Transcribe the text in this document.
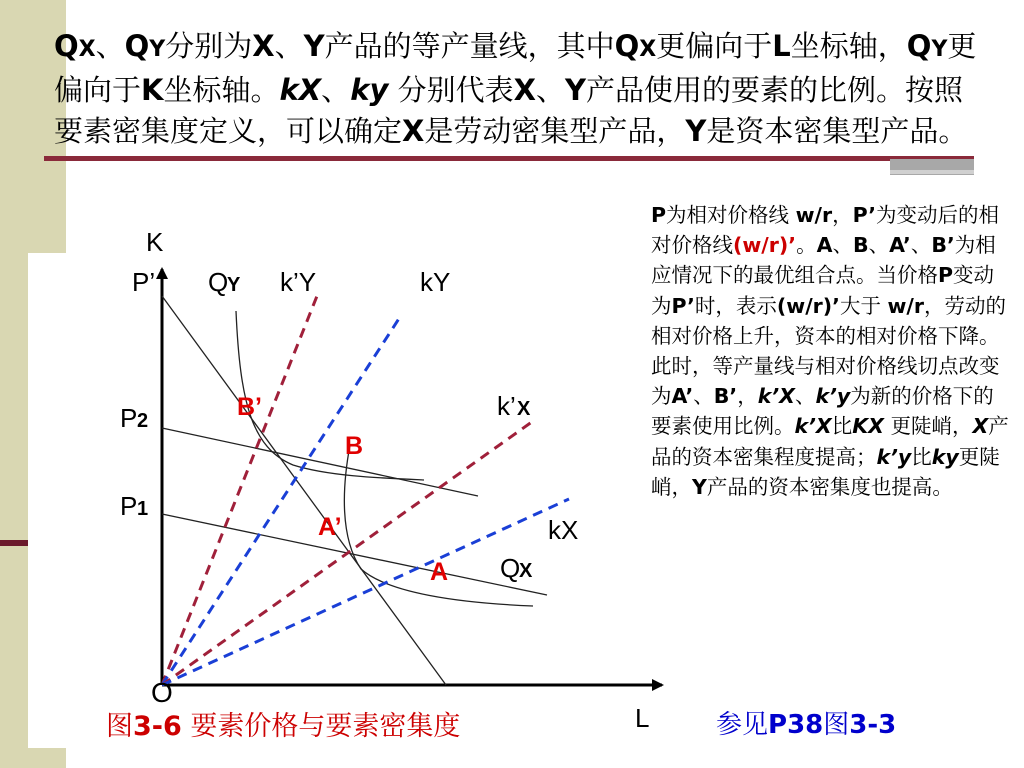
QX、QY分别为X、Y产品的等产量线，其中QX更偏向于L坐标轴，QY更偏向于K坐标轴。kX、ky 分别代表X、Y产品使用的要素的比例。按照要素密集度定义，可以确定X是劳动密集型产品，Y是资本密集型产品。
K
P’ Q
Y k’Y	kY
k’ X
P 2
P 1
B’
B
A’
A
kX
Q
X
O
L
P为相对价格线 w/r，P’为变动后的相对价格线(w/r)’。A、B、A’、B’为相应情况下的最优组合点。当价格P变动为P’时，表示(w/r)’大于 w/r，劳动的相对价格上升，资本的相对价格下降。此时，等产量线与相对价格线切点改变为A’、B’，k’X、k’y为新的价格下的要素使用比例。k’X比KX 更陡峭，X产品的资本密集程度提高；k’y比ky更陡峭，Y产品的资本密集度也提高。
图3-6 要素价格与要素密集度	参见P38图3-3
